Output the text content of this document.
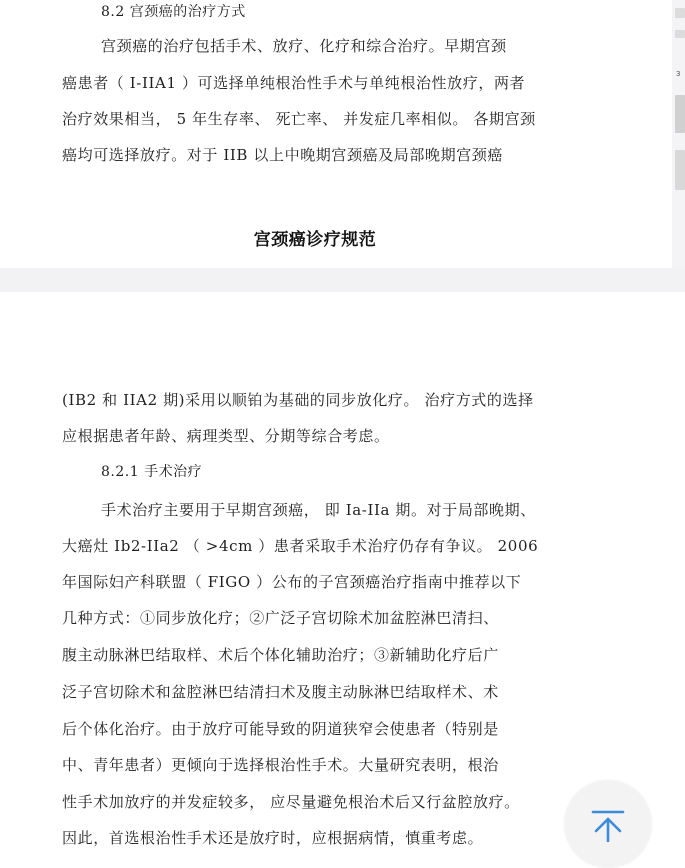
8.2 宫颈癌的治疗方式
宫颈癌的治疗包括手术、放疗、化疗和综合治疗。早期宫颈
癌患者（ I-IIA1 ）可选择单纯根治性手术与单纯根治性放疗，两者
治疗效果相当， 5 年生存率、 死亡率、 并发症几率相似。 各期宫颈
癌均可选择放疗。对于 IIB 以上中晚期宫颈癌及局部晚期宫颈癌
宫颈癌诊疗规范
3
(IB2 和 IIA2 期)采用以顺铂为基础的同步放化疗。 治疗方式的选择
应根据患者年龄、病理类型、分期等综合考虑。
8.2.1 手术治疗
手术治疗主要用于早期宫颈癌， 即 Ia-IIa 期。对于局部晚期、
大癌灶 Ib2-IIa2 （ >4cm ）患者采取手术治疗仍存有争议。 2006
年国际妇产科联盟（ FIGO ）公布的子宫颈癌治疗指南中推荐以下
几种方式：①同步放化疗；②广泛子宫切除术加盆腔淋巴清扫、
腹主动脉淋巴结取样、术后个体化辅助治疗；③新辅助化疗后广
泛子宫切除术和盆腔淋巴结清扫术及腹主动脉淋巴结取样术、术
后个体化治疗。由于放疗可能导致的阴道狭窄会使患者（特别是
中、青年患者）更倾向于选择根治性手术。大量研究表明，根治
性手术加放疗的并发症较多， 应尽量避免根治术后又行盆腔放疗。
因此，首选根治性手术还是放疗时，应根据病情，慎重考虑。
